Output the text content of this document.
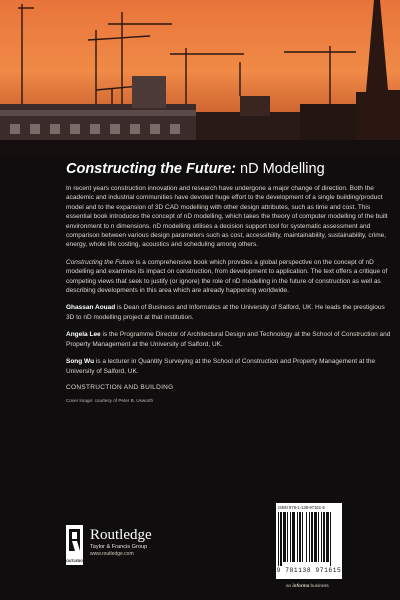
Constructing the Future: nD Modelling

In recent years construction innovation and research have undergone a major change of direction. Both the academic and industrial communities have devoted huge effort to the development of a single building/product model and to the expansion of 3D CAD modelling with other design attributes, such as time and cost. This essential book introduces the concept of nD modelling, which takes the theory of computer modelling of the built environment to n dimensions. nD modelling utilises a decision support tool for systematic assessment and comparison between various design parameters such as cost, accessibility, maintainability, sustainability, crime, energy, whole life costing, acoustics and scheduling among others.

Constructing the Future is a comprehensive book which provides a global perspective on the concept of nD modelling and examines its impact on construction, from development to application. The text offers a critique of competing views that seek to justify (or ignore) the role of nD modelling in the future of construction as well as describing developments in this area which are already happening worldwide.

Ghassan Aouad is Dean of Business and Informatics at the University of Salford, UK. He leads the prestigious 3D to nD modelling project at that institution.

Angela Lee is the Programme Director of Architectural Design and Technology at the School of Construction and Property Management at the University of Salford, UK.

Song Wu is a lecturer in Quantity Surveying at the School of Construction and Property Management at the University of Salford, UK.

CONSTRUCTION AND BUILDING
Cover image: courtesy of Peter B. Usworth
ROUTLEDGE
Routledge
Taylor & Francis Group
www.routledge.com
ISBN 978-1-138-97161-5
9 781138 971615
an informa business
